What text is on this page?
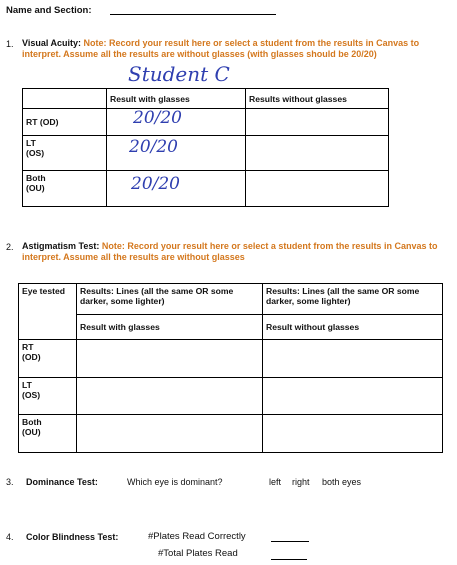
Name and Section:
1. Visual Acuity: Note: Record your result here or select a student from the results in Canvas to interpret. Assume all the results are without glasses (with glasses should be 20/20)
Student C
	Result with glasses	Results without glasses
RT (OD)	20/20	

LT
(OS)	20/20	

Both
(OU)	20/20	

2. Astigmatism Test: Note: Record your result here or select a student from the results in Canvas to interpret. Assume all the results are without glasses
Eye tested	Results: Lines (all the same OR some darker, some lighter)	Results: Lines (all the same OR some darker, some lighter)
	Result with glasses	Result without glasses
RT
(OD)		
LT
(OS)		
Both
(OU)		
3. Dominance Test:	Which eye is dominant?	left right both eyes
4. Color Blindness Test:	#Plates Read Correctly
#Total Plates Read
